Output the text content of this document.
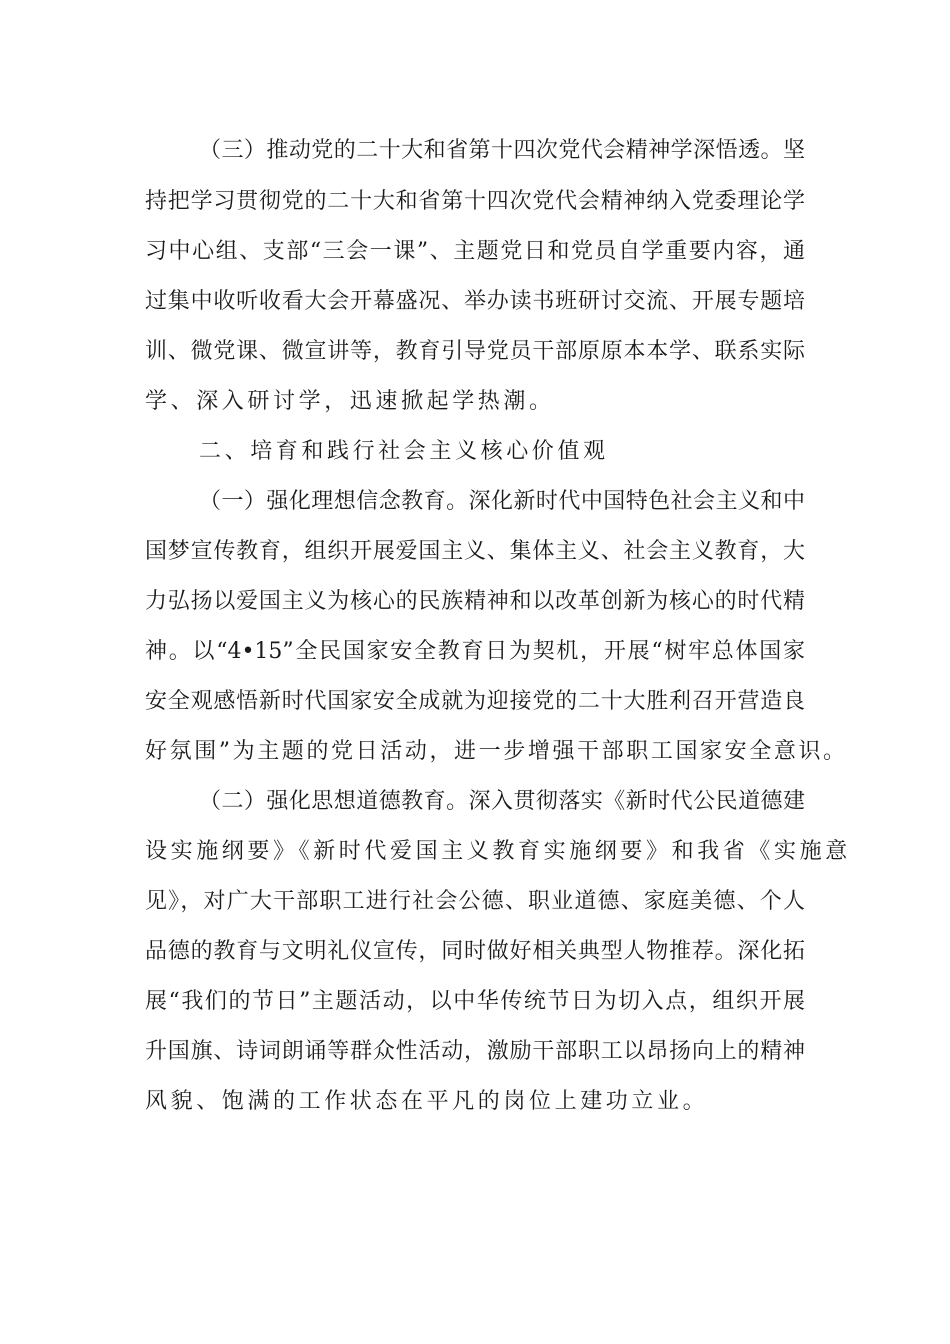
（三）推动党的二十大和省第十四次党代会精神学深悟透。坚
持把学习贯彻党的二十大和省第十四次党代会精神纳入党委理论学
习中心组、支部“三会一课”、主题党日和党员自学重要内容，通
过集中收听收看大会开幕盛况、举办读书班研讨交流、开展专题培
训、微党课、微宣讲等，教育引导党员干部原原本本学、联系实际
学、深入研讨学，迅速掀起学热潮。
二、培育和践行社会主义核心价值观
（一）强化理想信念教育。深化新时代中国特色社会主义和中
国梦宣传教育，组织开展爱国主义、集体主义、社会主义教育，大
力弘扬以爱国主义为核心的民族精神和以改革创新为核心的时代精
神。以“4•15”全民国家安全教育日为契机，开展“树牢总体国家
安全观感悟新时代国家安全成就为迎接党的二十大胜利召开营造良
好氛围”为主题的党日活动，进一步增强干部职工国家安全意识。
（二）强化思想道德教育。深入贯彻落实《新时代公民道德建
设实施纲要》《新时代爱国主义教育实施纲要》和我省《实施意
见》，对广大干部职工进行社会公德、职业道德、家庭美德、个人
品德的教育与文明礼仪宣传，同时做好相关典型人物推荐。深化拓
展“我们的节日”主题活动，以中华传统节日为切入点，组织开展
升国旗、诗词朗诵等群众性活动，激励干部职工以昂扬向上的精神
风貌、饱满的工作状态在平凡的岗位上建功立业。
